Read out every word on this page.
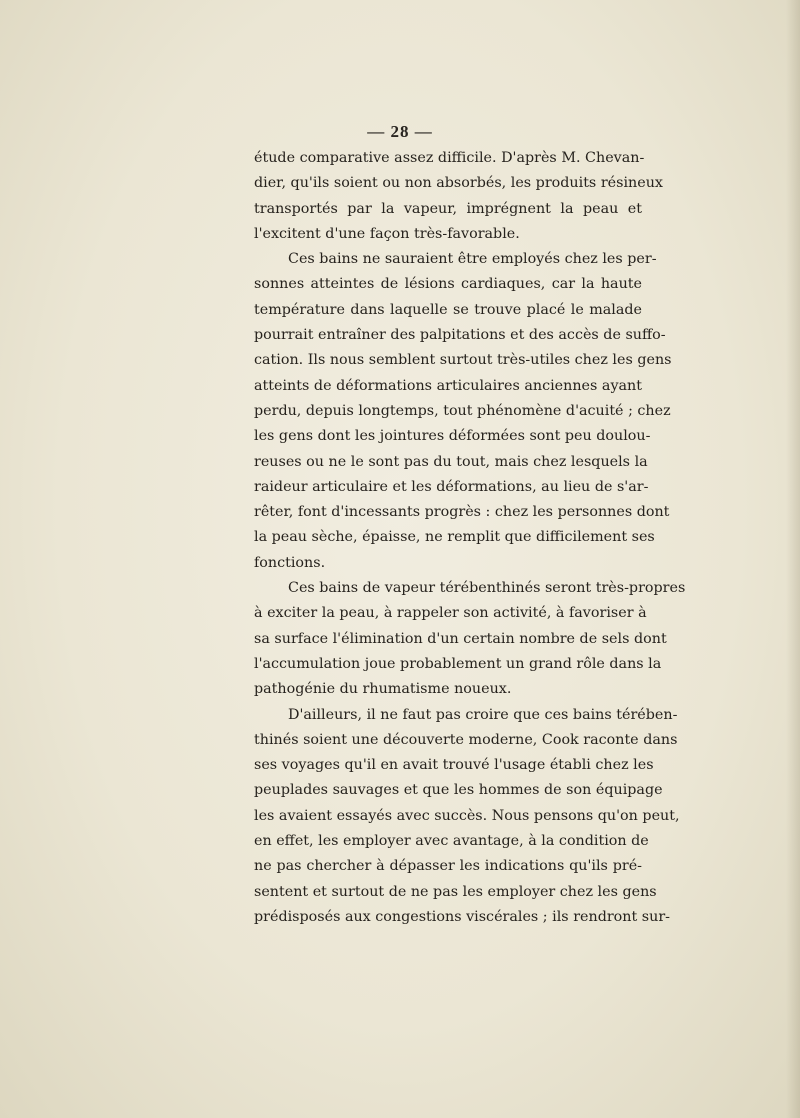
— 28 —
étude comparative assez difficile. D'après M. Chevan-
dier, qu'ils soient ou non absorbés, les produits résineux
transportés par la vapeur, imprégnent la peau et
l'excitent d'une façon très-favorable.
Ces bains ne sauraient être employés chez les per-
sonnes atteintes de lésions cardiaques, car la haute
température dans laquelle se trouve placé le malade
pourrait entraîner des palpitations et des accès de suffo-
cation. Ils nous semblent surtout très-utiles chez les gens
atteints de déformations articulaires anciennes ayant
perdu, depuis longtemps, tout phénomène d'acuité ; chez
les gens dont les jointures déformées sont peu doulou-
reuses ou ne le sont pas du tout, mais chez lesquels la
raideur articulaire et les déformations, au lieu de s'ar-
rêter, font d'incessants progrès : chez les personnes dont
la peau sèche, épaisse, ne remplit que difficilement ses
fonctions.
Ces bains de vapeur térébenthinés seront très-propres
à exciter la peau, à rappeler son activité, à favoriser à
sa surface l'élimination d'un certain nombre de sels dont
l'accumulation joue probablement un grand rôle dans la
pathogénie du rhumatisme noueux.
D'ailleurs, il ne faut pas croire que ces bains térében-
thinés soient une découverte moderne, Cook raconte dans
ses voyages qu'il en avait trouvé l'usage établi chez les
peuplades sauvages et que les hommes de son équipage
les avaient essayés avec succès. Nous pensons qu'on peut,
en effet, les employer avec avantage, à la condition de
ne pas chercher à dépasser les indications qu'ils pré-
sentent et surtout de ne pas les employer chez les gens
prédisposés aux congestions viscérales ; ils rendront sur-
